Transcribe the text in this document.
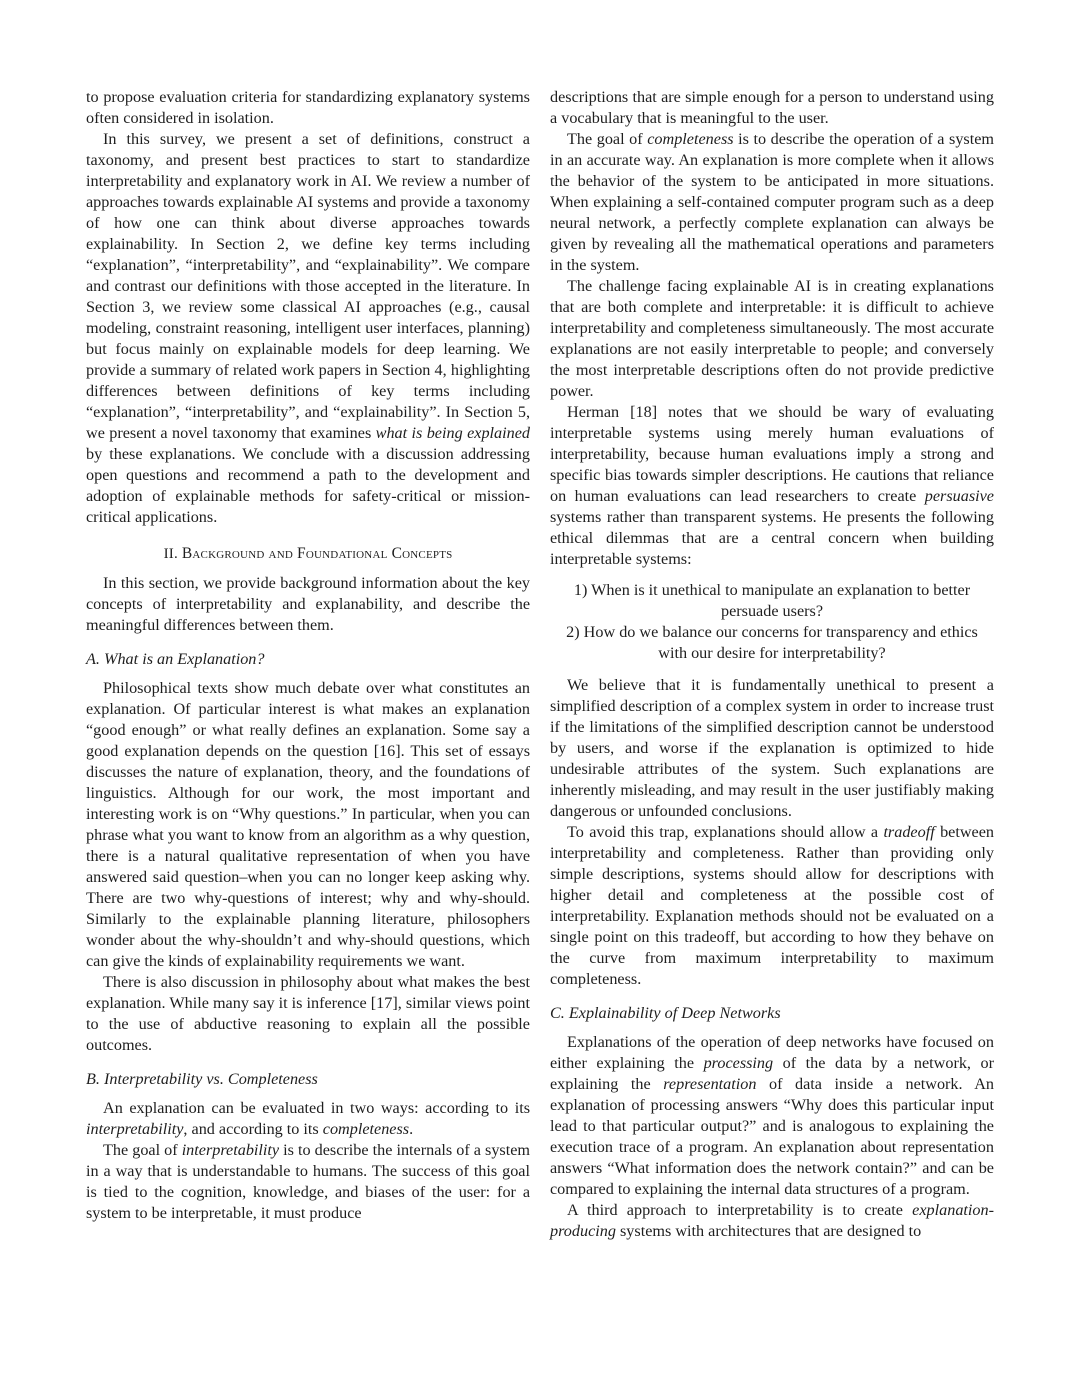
to propose evaluation criteria for standardizing explanatory systems often considered in isolation.

In this survey, we present a set of definitions, construct a taxonomy, and present best practices to start to standardize interpretability and explanatory work in AI. We review a number of approaches towards explainable AI systems and provide a taxonomy of how one can think about diverse approaches towards explainability. In Section 2, we define key terms including “explanation”, “interpretability”, and “explainability”. We compare and contrast our definitions with those accepted in the literature. In Section 3, we review some classical AI approaches (e.g., causal modeling, constraint reasoning, intelligent user interfaces, planning) but focus mainly on explainable models for deep learning. We provide a summary of related work papers in Section 4, highlighting differences between definitions of key terms including “explanation”, “interpretability”, and “explainability”. In Section 5, we present a novel taxonomy that examines what is being explained by these explanations. We conclude with a discussion addressing open questions and recommend a path to the development and adoption of explainable methods for safety-critical or mission-critical applications.

II. Background and Foundational Concepts

In this section, we provide background information about the key concepts of interpretability and explanability, and describe the meaningful differences between them.

A. What is an Explanation?

Philosophical texts show much debate over what constitutes an explanation. Of particular interest is what makes an explanation “good enough” or what really defines an explanation. Some say a good explanation depends on the question [16]. This set of essays discusses the nature of explanation, theory, and the foundations of linguistics. Although for our work, the most important and interesting work is on “Why questions.” In particular, when you can phrase what you want to know from an algorithm as a why question, there is a natural qualitative representation of when you have answered said question–when you can no longer keep asking why. There are two why-questions of interest; why and why-should. Similarly to the explainable planning literature, philosophers wonder about the why-shouldn’t and why-should questions, which can give the kinds of explainability requirements we want.

There is also discussion in philosophy about what makes the best explanation. While many say it is inference [17], similar views point to the use of abductive reasoning to explain all the possible outcomes.

B. Interpretability vs. Completeness

An explanation can be evaluated in two ways: according to its interpretability, and according to its completeness.

The goal of interpretability is to describe the internals of a system in a way that is understandable to humans. The success of this goal is tied to the cognition, knowledge, and biases of the user: for a system to be interpretable, it must produce

descriptions that are simple enough for a person to understand using a vocabulary that is meaningful to the user.

The goal of completeness is to describe the operation of a system in an accurate way. An explanation is more complete when it allows the behavior of the system to be anticipated in more situations. When explaining a self-contained computer program such as a deep neural network, a perfectly complete explanation can always be given by revealing all the mathematical operations and parameters in the system.

The challenge facing explainable AI is in creating explanations that are both complete and interpretable: it is difficult to achieve interpretability and completeness simultaneously. The most accurate explanations are not easily interpretable to people; and conversely the most interpretable descriptions often do not provide predictive power.

Herman [18] notes that we should be wary of evaluating interpretable systems using merely human evaluations of interpretability, because human evaluations imply a strong and specific bias towards simpler descriptions. He cautions that reliance on human evaluations can lead researchers to create persuasive systems rather than transparent systems. He presents the following ethical dilemmas that are a central concern when building interpretable systems:

1) When is it unethical to manipulate an explanation to better persuade users?
2) How do we balance our concerns for transparency and ethics with our desire for interpretability?

We believe that it is fundamentally unethical to present a simplified description of a complex system in order to increase trust if the limitations of the simplified description cannot be understood by users, and worse if the explanation is optimized to hide undesirable attributes of the system. Such explanations are inherently misleading, and may result in the user justifiably making dangerous or unfounded conclusions.

To avoid this trap, explanations should allow a tradeoff between interpretability and completeness. Rather than providing only simple descriptions, systems should allow for descriptions with higher detail and completeness at the possible cost of interpretability. Explanation methods should not be evaluated on a single point on this tradeoff, but according to how they behave on the curve from maximum interpretability to maximum completeness.

C. Explainability of Deep Networks

Explanations of the operation of deep networks have focused on either explaining the processing of the data by a network, or explaining the representation of data inside a network. An explanation of processing answers “Why does this particular input lead to that particular output?” and is analogous to explaining the execution trace of a program. An explanation about representation answers “What information does the network contain?” and can be compared to explaining the internal data structures of a program.

A third approach to interpretability is to create explanation-producing systems with architectures that are designed to
